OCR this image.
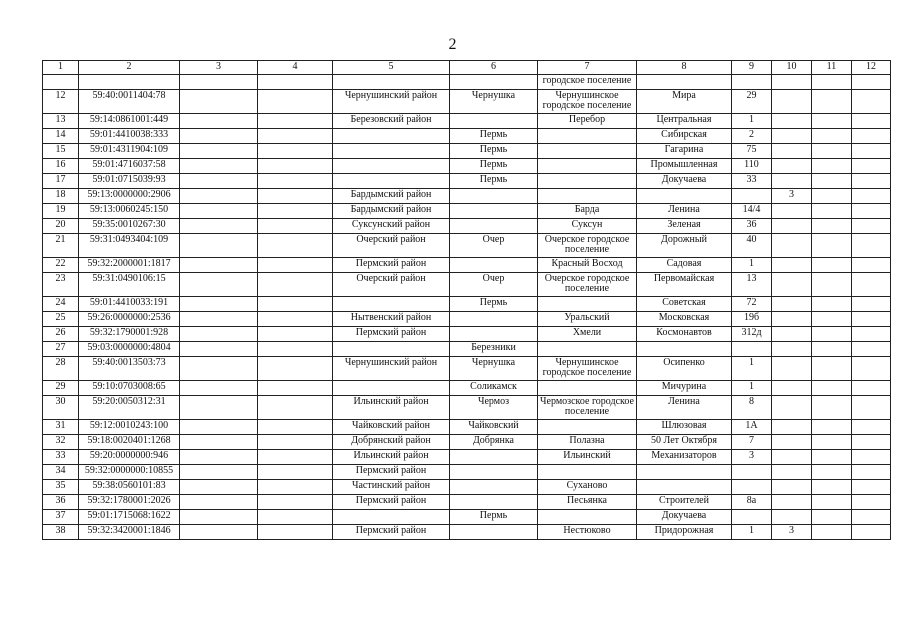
2
1	2	3	4	5	6	7	8	9	10	11	12
						городское поселение					
12	59:40:0011404:78			Чернушинский район	Чернушка	Чернушинское городское поселение	Мира	29			
13	59:14:0861001:449			Березовский район		Перебор	Центральная	1			
14	59:01:4410038:333				Пермь		Сибирская	2			
15	59:01:4311904:109				Пермь		Гагарина	75			
16	59:01:4716037:58				Пермь		Промышленная	110			
17	59:01:0715039:93				Пермь		Докучаева	33			
18	59:13:0000000:2906			Бардымский район					3		
19	59:13:0060245:150			Бардымский район		Барда	Ленина	14/4			
20	59:35:0010267:30			Суксунский район		Суксун	Зеленая	36			
21	59:31:0493404:109			Очерский район	Очер	Очерское городское поселение	Дорожный	40			
22	59:32:2000001:1817			Пермский район		Красный Восход	Садовая	1			
23	59:31:0490106:15			Очерский район	Очер	Очерское городское поселение	Первомайская	13			
24	59:01:4410033:191				Пермь		Советская	72			
25	59:26:0000000:2536			Нытвенский район		Уральский	Московская	19б			
26	59:32:1790001:928			Пермский район		Хмели	Космонавтов	312д			
27	59:03:0000000:4804				Березники						
28	59:40:0013503:73			Чернушинский район	Чернушка	Чернушинское городское поселение	Осипенко	1			
29	59:10:0703008:65				Соликамск		Мичурина	1			
30	59:20:0050312:31			Ильинский район	Чермоз	Чермозское городское поселение	Ленина	8			
31	59:12:0010243:100			Чайковский район	Чайковский		Шлюзовая	1А			
32	59:18:0020401:1268			Добрянский район	Добрянка	Полазна	50 Лет Октября	7			
33	59:20:0000000:946			Ильинский район		Ильинский	Механизаторов	3			
34	59:32:0000000:10855			Пермский район							
35	59:38:0560101:83			Частинский район		Суханово					
36	59:32:1780001:2026			Пермский район		Песьянка	Строителей	8а			
37	59:01:1715068:1622				Пермь		Докучаева				
38	59:32:3420001:1846			Пермский район		Нестюково	Придорожная	1	3		
